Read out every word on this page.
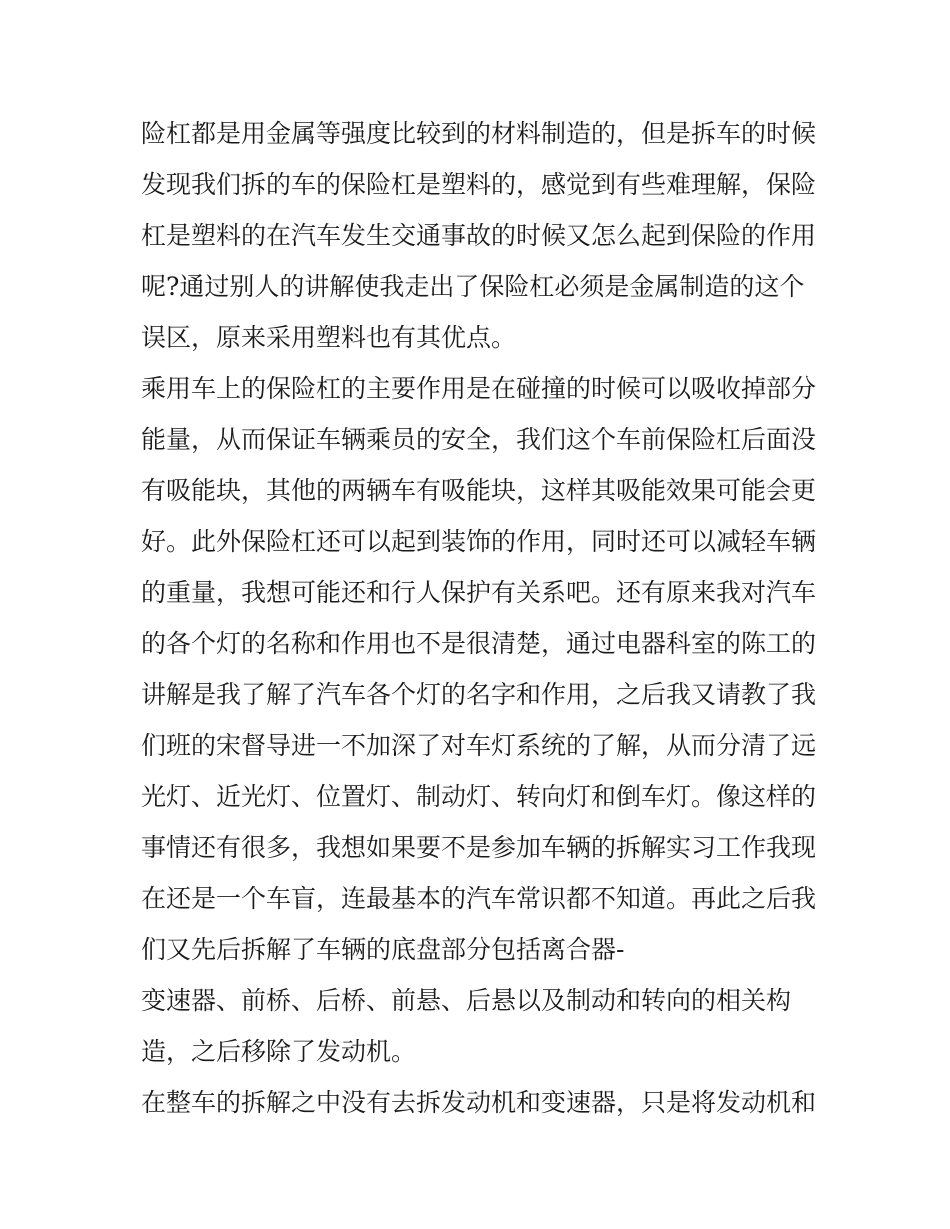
险杠都是用金属等强度比较到的材料制造的，但是拆车的时候
发现我们拆的车的保险杠是塑料的，感觉到有些难理解，保险
杠是塑料的在汽车发生交通事故的时候又怎么起到保险的作用
呢?通过别人的讲解使我走出了保险杠必须是金属制造的这个
误区，原来采用塑料也有其优点。
乘用车上的保险杠的主要作用是在碰撞的时候可以吸收掉部分
能量，从而保证车辆乘员的安全，我们这个车前保险杠后面没
有吸能块，其他的两辆车有吸能块，这样其吸能效果可能会更
好。此外保险杠还可以起到装饰的作用，同时还可以减轻车辆
的重量，我想可能还和行人保护有关系吧。还有原来我对汽车
的各个灯的名称和作用也不是很清楚，通过电器科室的陈工的
讲解是我了解了汽车各个灯的名字和作用，之后我又请教了我
们班的宋督导进一不加深了对车灯系统的了解，从而分清了远
光灯、近光灯、位置灯、制动灯、转向灯和倒车灯。像这样的
事情还有很多，我想如果要不是参加车辆的拆解实习工作我现
在还是一个车盲，连最基本的汽车常识都不知道。再此之后我
们又先后拆解了车辆的底盘部分包括离合器-
变速器、前桥、后桥、前悬、后悬以及制动和转向的相关构
造，之后移除了发动机。
在整车的拆解之中没有去拆发动机和变速器，只是将发动机和
